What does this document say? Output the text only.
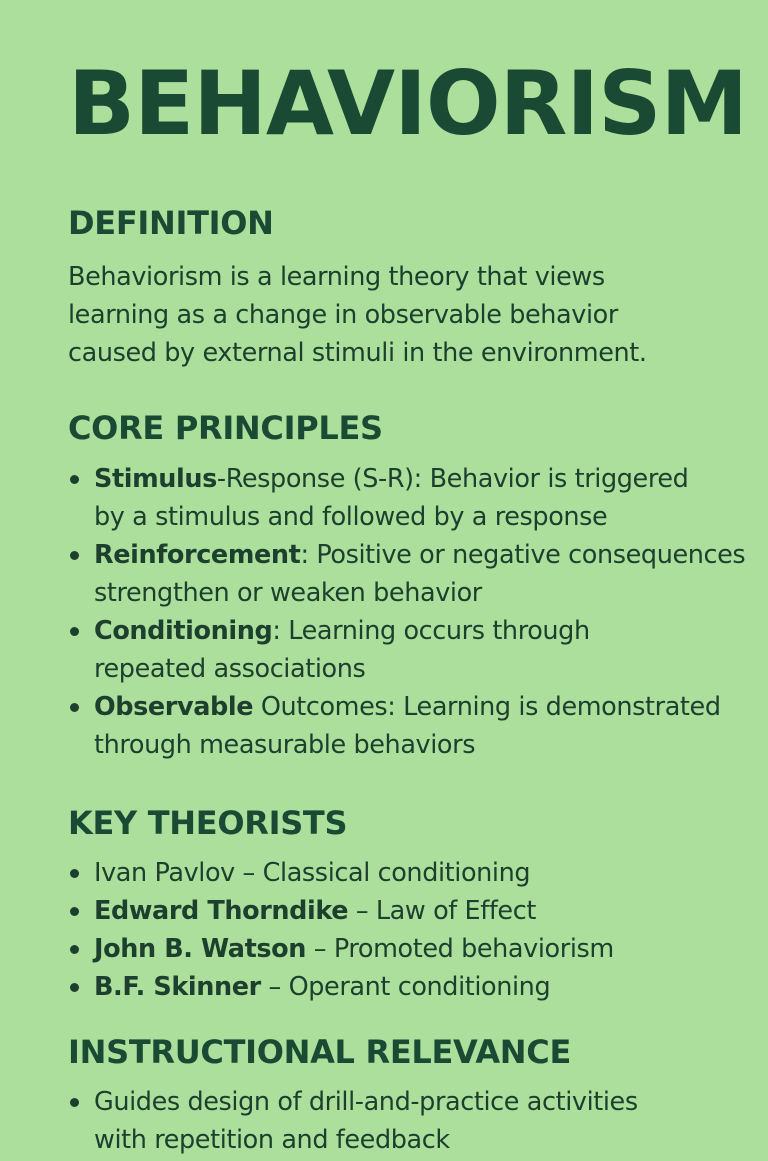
BEHAVIORISM
DEFINITION

Behaviorism is a learning theory that views
learning as a change in observable behavior
caused by external stimuli in the environment.

CORE PRINCIPLES
Stimulus-Response (S-R): Behavior is triggered
by a stimulus and followed by a response
Reinforcement: Positive or negative consequences
strengthen or weaken behavior
Conditioning: Learning occurs through
repeated associations
Observable Outcomes: Learning is demonstrated
through measurable behaviors
KEY THEORISTS
Ivan Pavlov – Classical conditioning
Edward Thorndike – Law of Effect
John B. Watson – Promoted behaviorism
B.F. Skinner – Operant conditioning
INSTRUCTIONAL RELEVANCE
Guides design of drill-and-practice activities
with repetition and feedback
